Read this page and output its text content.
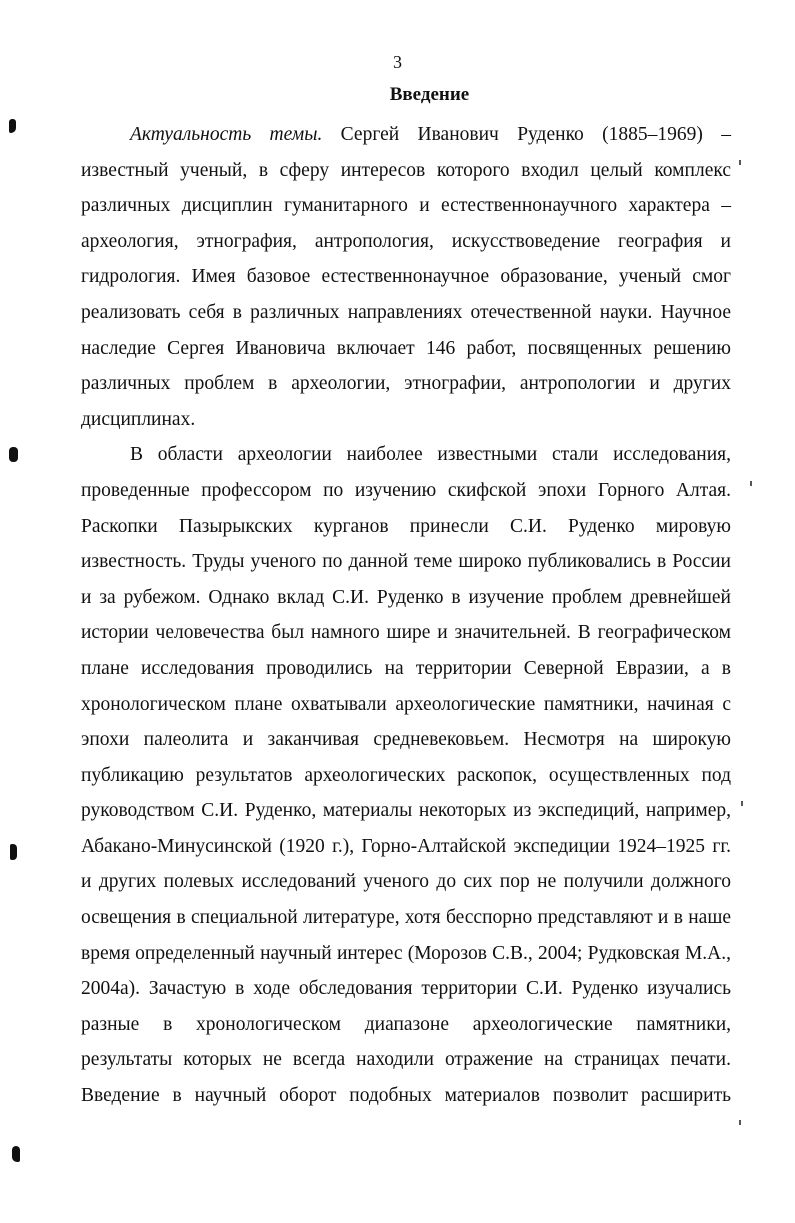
3
Введение

Актуальность темы. Сергей Иванович Руденко (1885–1969) – известный ученый, в сферу интересов которого входил целый комплекс различных дисциплин гуманитарного и естественнонаучного характера – археология, этнография, антропология, искусствоведение география и гидрология. Имея базовое естественнонаучное образование, ученый смог реализовать себя в различных направлениях отечественной науки. Научное наследие Сергея Ивановича включает 146 работ, посвященных решению различных проблем в археологии, этнографии, антропологии и других дисциплинах.

В области археологии наиболее известными стали исследования, проведенные профессором по изучению скифской эпохи Горного Алтая. Раскопки Пазырыкских курганов принесли С.И. Руденко мировую известность. Труды ученого по данной теме широко публиковались в России и за рубежом. Однако вклад С.И. Руденко в изучение проблем древнейшей истории человечества был намного шире и значительней. В географическом плане исследования проводились на территории Северной Евразии, а в хронологическом плане охватывали археологические памятники, начиная с эпохи палеолита и заканчивая средневековьем. Несмотря на широкую публикацию результатов археологических раскопок, осуществленных под руководством С.И. Руденко, материалы некоторых из экспедиций, например, Абакано-Минусинской (1920 г.), Горно-Алтайской экспедиции 1924–1925 гг. и других полевых исследований ученого до сих пор не получили должного освещения в специальной литературе, хотя бесспорно представляют и в наше время определенный научный интерес (Морозов С.В., 2004; Рудковская М.А., 2004а). Зачастую в ходе обследования территории С.И. Руденко изучались разные в хронологическом диапазоне археологические памятники, результаты которых не всегда находили отражение на страницах печати. Введение в научный оборот подобных материалов позволит расширить
